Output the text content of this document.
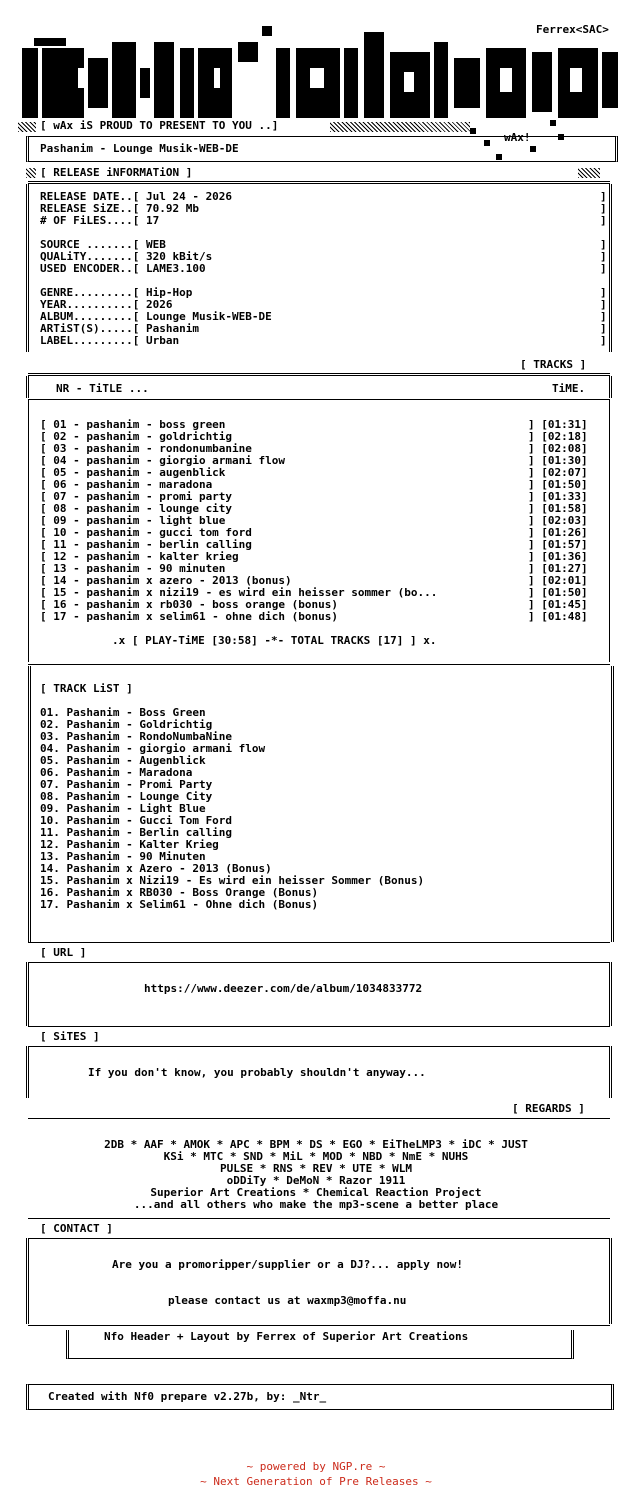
Ferrex<SAC>
[ wAx iS PROUD TO PRESENT TO YOU ..]
wAx!
Pashanim - Lounge Musik-WEB-DE
[ RELEASE iNFORMATiON ]
RELEASE DATE..[ Jul 24 - 2026	]
RELEASE SiZE..[ 70.92 Mb	]
# OF FiLES....[ 17	]
SOURCE .......[ WEB	]
QUALiTY.......[ 320 kBit/s	]
USED ENCODER..[ LAME3.100	]
GENRE.........[ Hip-Hop	]
YEAR..........[ 2026	]
ALBUM.........[ Lounge Musik-WEB-DE	]
ARTiST(S).....[ Pashanim	]
LABEL.........[ Urban	]
[ TRACKS ]
NR - TiTLE ...	TiME.
[ 01 - pashanim - boss green	] [01:31]
[ 02 - pashanim - goldrichtig	] [02:18]
[ 03 - pashanim - rondonumbanine	] [02:08]
[ 04 - pashanim - giorgio armani flow	] [01:30]
[ 05 - pashanim - augenblick	] [02:07]
[ 06 - pashanim - maradona	] [01:50]
[ 07 - pashanim - promi party	] [01:33]
[ 08 - pashanim - lounge city	] [01:58]
[ 09 - pashanim - light blue	] [02:03]
[ 10 - pashanim - gucci tom ford	] [01:26]
[ 11 - pashanim - berlin calling	] [01:57]
[ 12 - pashanim - kalter krieg	] [01:36]
[ 13 - pashanim - 90 minuten	] [01:27]
[ 14 - pashanim x azero - 2013 (bonus)	] [02:01]
[ 15 - pashanim x nizi19 - es wird ein heisser sommer (bo...	] [01:50]
[ 16 - pashanim x rb030 - boss orange (bonus)	] [01:45]
[ 17 - pashanim x selim61 - ohne dich (bonus)	] [01:48]
.x [ PLAY-TiME [30:58] -*- TOTAL TRACKS [17] ] x.
[ TRACK LiST ]
01. Pashanim - Boss Green
02. Pashanim - Goldrichtig
03. Pashanim - RondoNumbaNine
04. Pashanim - giorgio armani flow
05. Pashanim - Augenblick
06. Pashanim - Maradona
07. Pashanim - Promi Party
08. Pashanim - Lounge City
09. Pashanim - Light Blue
10. Pashanim - Gucci Tom Ford
11. Pashanim - Berlin calling
12. Pashanim - Kalter Krieg
13. Pashanim - 90 Minuten
14. Pashanim x Azero - 2013 (Bonus)
15. Pashanim x Nizi19 - Es wird ein heisser Sommer (Bonus)
16. Pashanim x RB030 - Boss Orange (Bonus)
17. Pashanim x Selim61 - Ohne dich (Bonus)
[ URL ]
https://www.deezer.com/de/album/1034833772
[ SiTES ]
If you don't know, you probably shouldn't anyway...
[ REGARDS ]
2DB * AAF * AMOK * APC * BPM * DS * EGO * EiTheLMP3 * iDC * JUST
KSi * MTC * SND * MiL * MOD * NBD * NmE * NUHS
PULSE * RNS * REV * UTE * WLM
oDDiTy * DeMoN * Razor 1911
Superior Art Creations * Chemical Reaction Project
...and all others who make the mp3-scene a better place
[ CONTACT ]
Are you a promoripper/supplier or a DJ?... apply now!
please contact us at waxmp3@moffa.nu
Nfo Header + Layout by Ferrex of Superior Art Creations
Created with Nf0 prepare v2.27b, by: _Ntr_
~ powered by NGP.re ~
~ Next Generation of Pre Releases ~
